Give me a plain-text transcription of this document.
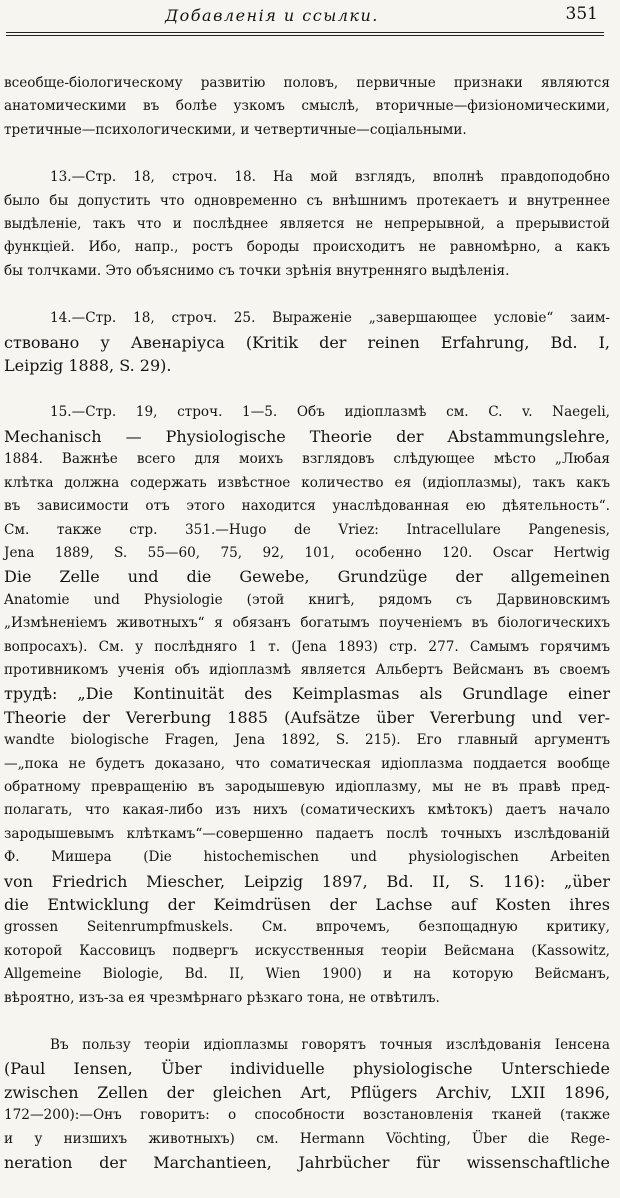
Добавленія и ссылки.	351

всеобще-біологическому развитію половъ, первичные признаки являются
анатомическими въ болѣе узкомъ смыслѣ, вторичные—физіономическими,
третичные—психологическими, и четвертичные—соціальными.

13.—Стр. 18, строч. 18. На мой взглядъ, вполнѣ правдоподобно
было бы допустить что одновременно съ внѣшнимъ протекаетъ и внутреннее
выдѣленіе, такъ что и послѣднее является не непрерывной, а прерывистой
функціей. Ибо, напр., ростъ бороды происходитъ не равномѣрно, а какъ
бы толчками. Это объяснимо съ точки зрѣнія внутренняго выдѣленія.

14.—Стр. 18, строч. 25. Выраженіе „завершающее условіе“ заим-
ствовано у Авенаріуса (Kritik der reinen Erfahrung, Bd. I,
Leipzig 1888, S. 29).

15.—Стр. 19, строч. 1—5. Объ идіоплазмѣ см. C. v. Naegeli,
Mechanisch — Physiologische Theorie der Abstammungslehre,
1884. Важнѣе всего для моихъ взглядовъ слѣдующее мѣсто „Любая
клѣтка должна содержать извѣстное количество ея (идіоплазмы), такъ какъ
въ зависимости отъ этого находится унаслѣдованная ею дѣятельность“.
См. также стр. 351.—Hugo de Vriez: Intracellulare Pangenesis,
Jena 1889, S. 55—60, 75, 92, 101, особенно 120. Oscar Hertwig
Die Zelle und die Gewebe, Grundzüge der allgemeinen
Anatomie und Physiologie (этой книгѣ, рядомъ съ Дарвиновскимъ
„Измѣненіемъ животныхъ“ я обязанъ богатымъ поученіемъ въ біологическихъ
вопросахъ). См. у послѣдняго 1 т. (Jena 1893) стр. 277. Самымъ горячимъ
противникомъ ученія объ идіоплазмѣ является Альбертъ Вейсманъ въ своемъ
трудѣ: „Die Kontinuität des Keimplasmas als Grundlage einer
Theorie der Vererbung 1885 (Aufsätze über Vererbung und ver-
wandte biologische Fragen, Jena 1892, S. 215). Его главный аргументъ
—„пока не будетъ доказано, что соматическая идіоплазма поддается вообще
обратному превращенію въ зародышевую идіоплазму, мы не въ правѣ пред-
полагать, что какая-либо изъ нихъ (соматическихъ кмѣтокъ) даетъ начало
зародышевымъ клѣткамъ“—совершенно падаетъ послѣ точныхъ изслѣдованій
Ф. Мишера (Die histochemischen und physiologischen Arbeiten
von Friedrich Miescher, Leipzig 1897, Bd. II, S. 116): „über
die Entwicklung der Keimdrüsen der Lachse auf Kosten ihres
grossen Seitenrumpfmuskels. См. впрочемъ, безпощадную критику,
которой Кассовицъ подвергъ искусственныя теоріи Вейсмана (Kassowitz,
Allgemeine Biologie, Bd. II, Wien 1900) и на которую Вейсманъ,
вѣроятно, изъ-за ея чрезмѣрнаго рѣзкаго тона, не отвѣтилъ.

Въ пользу теоріи идіоплазмы говорятъ точныя изслѣдованія Iенсена
(Paul Iensen, Über individuelle physiologische Unterschiede
zwischen Zellen der gleichen Art, Pflügers Archiv, LXII 1896,
172—200):—Онъ говоритъ: о способности возстановленія тканей (также
и у низшихъ животныхъ) см. Hermann Vöchting, Über die Rege-
neration der Marchantieen, Jahrbücher für wissenschaftliche
